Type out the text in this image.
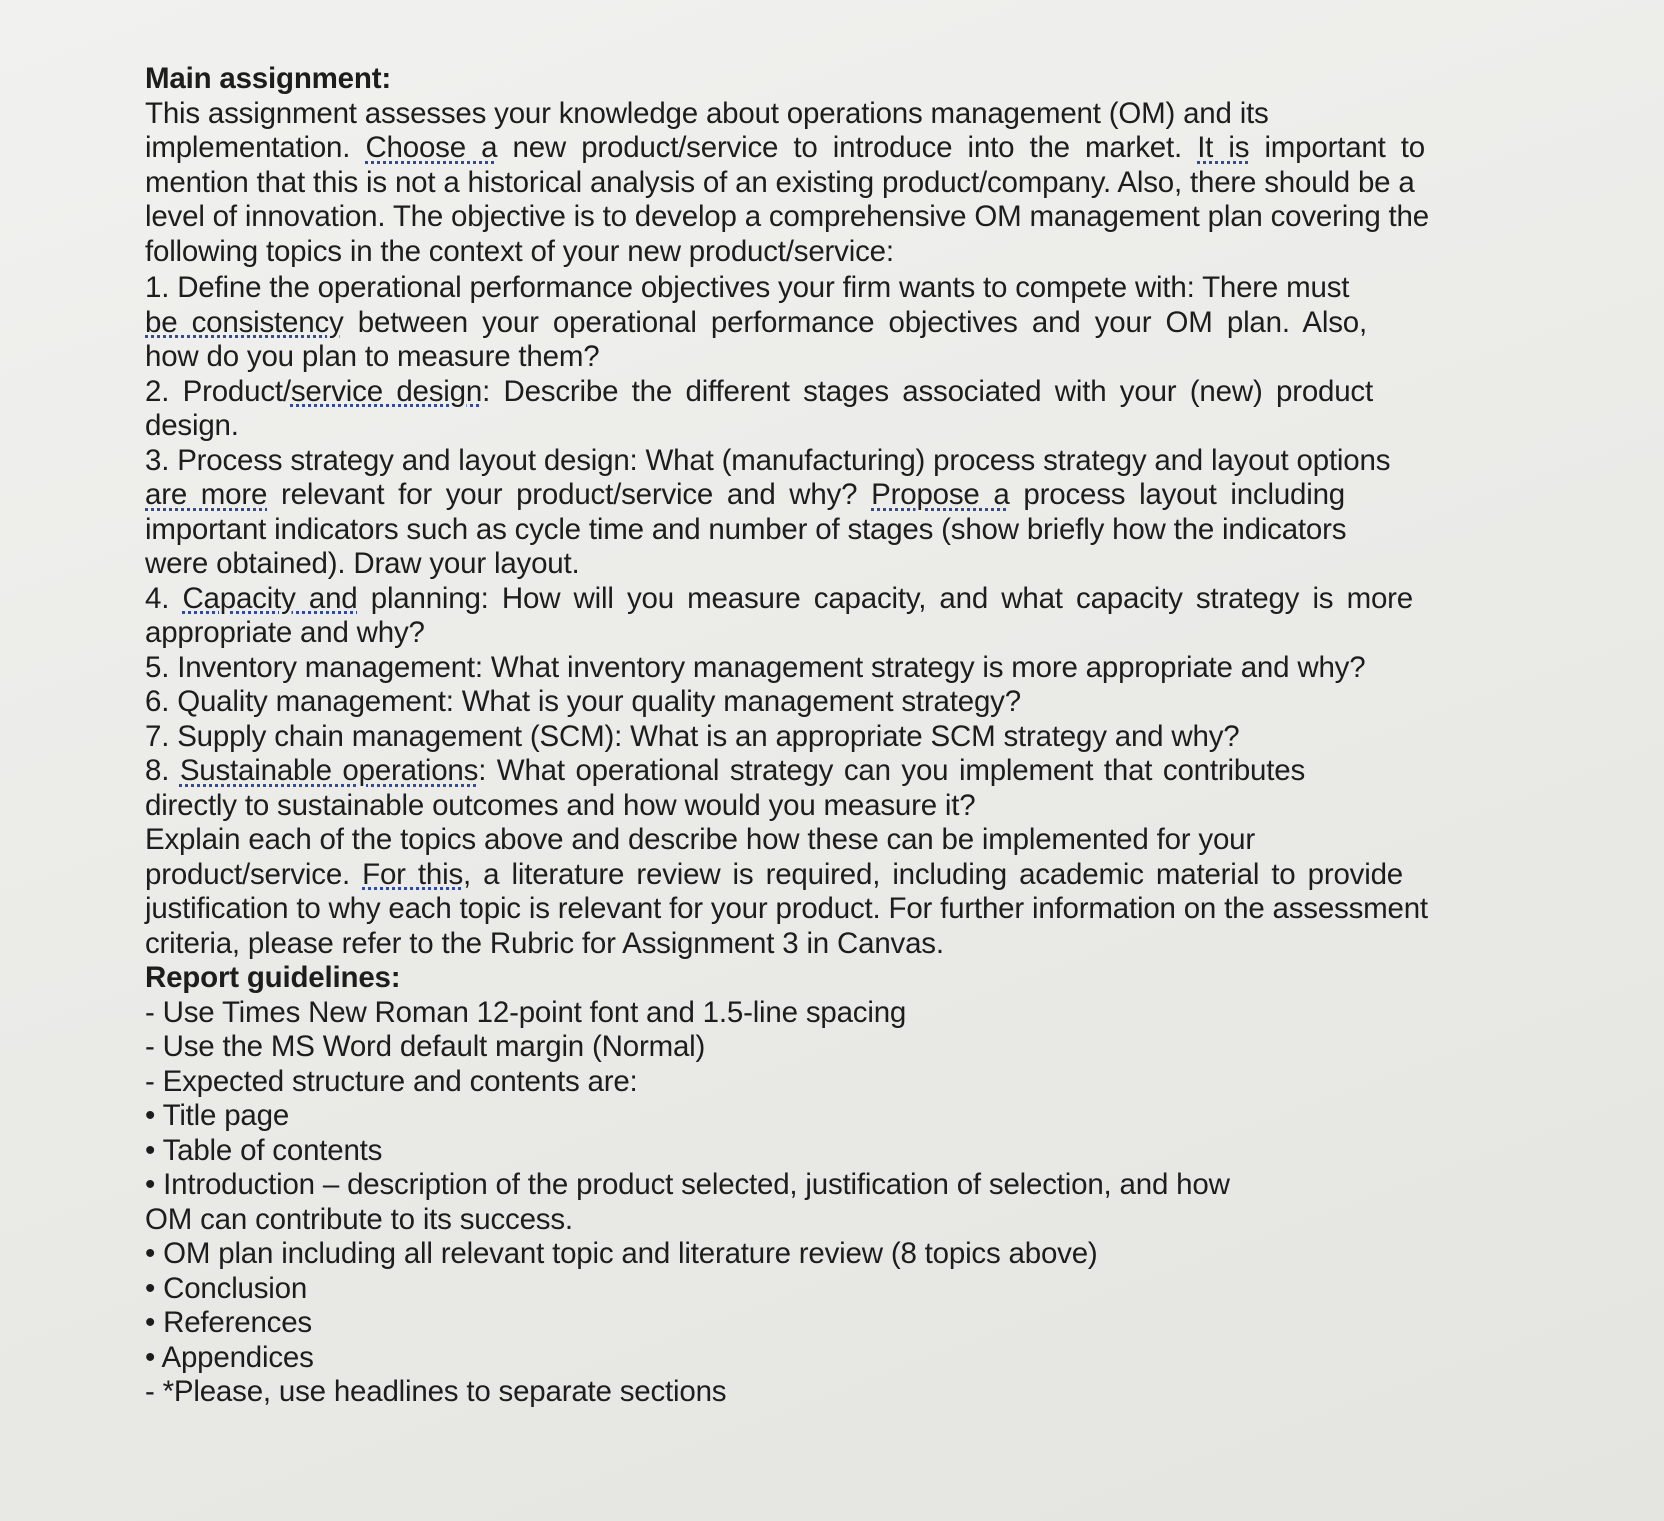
Main assignment:
This assignment assesses your knowledge about operations management (OM) and its
implementation. Choose a new product/service to introduce into the market. It is important to
mention that this is not a historical analysis of an existing product/company. Also, there should be a
level of innovation. The objective is to develop a comprehensive OM management plan covering the
following topics in the context of your new product/service:
1. Define the operational performance objectives your firm wants to compete with: There must
be consistency between your operational performance objectives and your OM plan. Also,
how do you plan to measure them?
2. Product/service design: Describe the different stages associated with your (new) product
design.
3. Process strategy and layout design: What (manufacturing) process strategy and layout options
are more relevant for your product/service and why? Propose a process layout including
important indicators such as cycle time and number of stages (show briefly how the indicators
were obtained). Draw your layout.
4. Capacity and planning: How will you measure capacity, and what capacity strategy is more
appropriate and why?
5. Inventory management: What inventory management strategy is more appropriate and why?
6. Quality management: What is your quality management strategy?
7. Supply chain management (SCM): What is an appropriate SCM strategy and why?
8. Sustainable operations: What operational strategy can you implement that contributes
directly to sustainable outcomes and how would you measure it?
Explain each of the topics above and describe how these can be implemented for your
product/service. For this, a literature review is required, including academic material to provide
justification to why each topic is relevant for your product. For further information on the assessment
criteria, please refer to the Rubric for Assignment 3 in Canvas.
Report guidelines:
- Use Times New Roman 12-point font and 1.5-line spacing
- Use the MS Word default margin (Normal)
- Expected structure and contents are:
• Title page
• Table of contents
• Introduction – description of the product selected, justification of selection, and how
OM can contribute to its success.
• OM plan including all relevant topic and literature review (8 topics above)
• Conclusion
• References
• Appendices
- *Please, use headlines to separate sections
